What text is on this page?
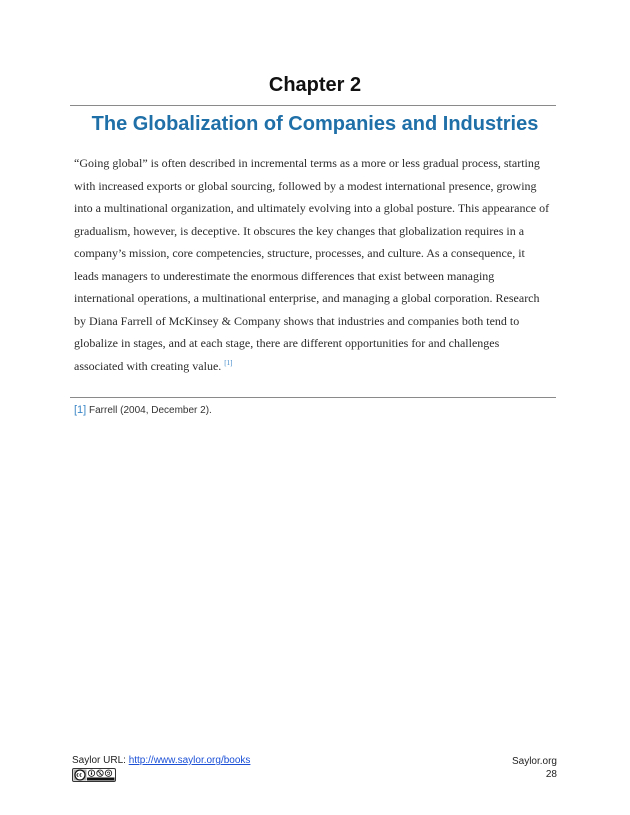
Chapter 2
The Globalization of Companies and Industries

“Going global” is often described in incremental terms as a more or less gradual process, starting with increased exports or global sourcing, followed by a modest international presence, growing into a multinational organization, and ultimately evolving into a global posture. This appearance of gradualism, however, is deceptive. It obscures the key changes that globalization requires in a company’s mission, core competencies, structure, processes, and culture. As a consequence, it leads managers to underestimate the enormous differences that exist between managing international operations, a multinational enterprise, and managing a global corporation. Research by Diana Farrell of McKinsey & Company shows that industries and companies both tend to globalize in stages, and at each stage, there are different opportunities for and challenges associated with creating value. [1]

[1] Farrell (2004, December 2).
Saylor URL: http://www.saylor.org/books	Saylor.org
28
